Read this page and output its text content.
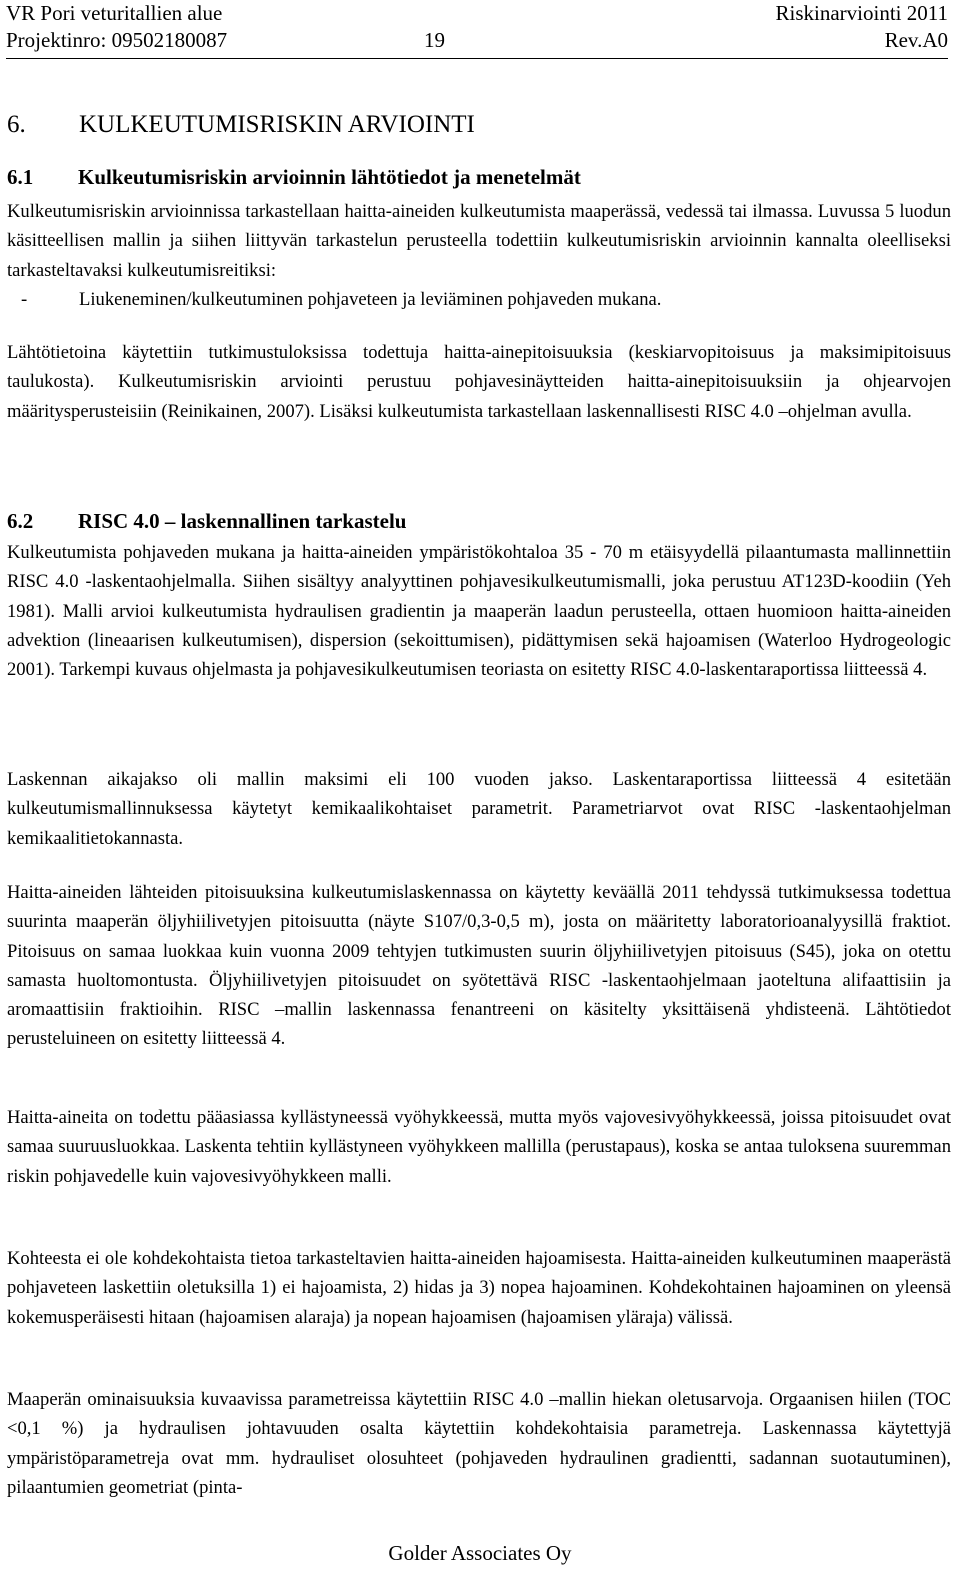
VR Pori veturitallien alue	Riskinarviointi 2011
Projektinro: 09502180087	19	Rev.A0
6. KULKEUTUMISRISKIN ARVIOINTI
6.1 Kulkeutumisriskin arvioinnin lähtötiedot ja menetelmät

Kulkeutumisriskin arvioinnissa tarkastellaan haitta-aineiden kulkeutumista maaperässä, vedessä tai ilmassa. Luvussa 5 luodun käsitteellisen mallin ja siihen liittyvän tarkastelun perusteella todettiin kulkeutumisriskin arvioinnin kannalta oleelliseksi tarkasteltavaksi kulkeutumisreitiksi:

-	Liukeneminen/kulkeutuminen pohjaveteen ja leviäminen pohjaveden mukana.

Lähtötietoina käytettiin tutkimustuloksissa todettuja haitta-ainepitoisuuksia (keskiarvopitoisuus ja maksimipitoisuus taulukosta). Kulkeutumisriskin arviointi perustuu pohjavesinäytteiden haitta-ainepitoisuuksiin ja ohjearvojen määritysperusteisiin (Reinikainen, 2007). Lisäksi kulkeutumista tarkastellaan laskennallisesti RISC 4.0 –ohjelman avulla.

6.2 RISC 4.0 – laskennallinen tarkastelu

Kulkeutumista pohjaveden mukana ja haitta-aineiden ympäristökohtaloa 35 - 70 m etäisyydellä pilaantumasta mallinnettiin RISC 4.0 -laskentaohjelmalla. Siihen sisältyy analyyttinen pohjavesikulkeutumismalli, joka perustuu AT123D-koodiin (Yeh 1981). Malli arvioi kulkeutumista hydraulisen gradientin ja maaperän laadun perusteella, ottaen huomioon haitta-aineiden advektion (lineaarisen kulkeutumisen), dispersion (sekoittumisen), pidättymisen sekä hajoamisen (Waterloo Hydrogeologic 2001). Tarkempi kuvaus ohjelmasta ja pohjavesikulkeutumisen teoriasta on esitetty RISC 4.0-laskentaraportissa liitteessä 4.

Laskennan aikajakso oli mallin maksimi eli 100 vuoden jakso. Laskentaraportissa liitteessä 4 esitetään kulkeutumismallinnuksessa käytetyt kemikaalikohtaiset parametrit. Parametriarvot ovat RISC -laskentaohjelman kemikaalitietokannasta.

Haitta-aineiden lähteiden pitoisuuksina kulkeutumislaskennassa on käytetty keväällä 2011 tehdyssä tutkimuksessa todettua suurinta maaperän öljyhiilivetyjen pitoisuutta (näyte S107/0,3-0,5 m), josta on määritetty laboratorioanalyysillä fraktiot. Pitoisuus on samaa luokkaa kuin vuonna 2009 tehtyjen tutkimusten suurin öljyhiilivetyjen pitoisuus (S45), joka on otettu samasta huoltomontusta. Öljyhiilivetyjen pitoisuudet on syötettävä RISC -laskentaohjelmaan jaoteltuna alifaattisiin ja aromaattisiin fraktioihin. RISC –mallin laskennassa fenantreeni on käsitelty yksittäisenä yhdisteenä. Lähtötiedot perusteluineen on esitetty liitteessä 4.

Haitta-aineita on todettu pääasiassa kyllästyneessä vyöhykkeessä, mutta myös vajovesivyöhykkeessä, joissa pitoisuudet ovat samaa suuruusluokkaa. Laskenta tehtiin kyllästyneen vyöhykkeen mallilla (perustapaus), koska se antaa tuloksena suuremman riskin pohjavedelle kuin vajovesivyöhykkeen malli.

Kohteesta ei ole kohdekohtaista tietoa tarkasteltavien haitta-aineiden hajoamisesta. Haitta-aineiden kulkeutuminen maaperästä pohjaveteen laskettiin oletuksilla 1) ei hajoamista, 2) hidas ja 3) nopea hajoaminen. Kohdekohtainen hajoaminen on yleensä kokemusperäisesti hitaan (hajoamisen alaraja) ja nopean hajoamisen (hajoamisen yläraja) välissä.

Maaperän ominaisuuksia kuvaavissa parametreissa käytettiin RISC 4.0 –mallin hiekan oletusarvoja. Orgaanisen hiilen (TOC <0,1 %) ja hydraulisen johtavuuden osalta käytettiin kohdekohtaisia parametreja. Laskennassa käytettyjä ympäristöparametreja ovat mm. hydrauliset olosuhteet (pohjaveden hydraulinen gradientti, sadannan suotautuminen), pilaantumien geometriat (pinta-

Golder Associates Oy
